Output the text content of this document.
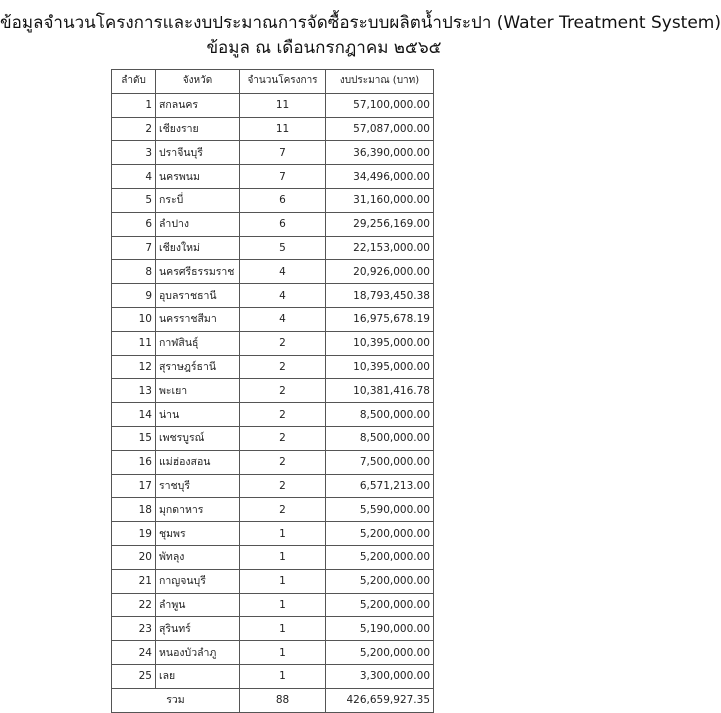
ข้อมูลจำนวนโครงการและงบประมาณการจัดซื้อระบบผลิตน้ำประปา (Water Treatment System)
ข้อมูล ณ เดือนกรกฎาคม ๒๕๖๕
ลำดับ	จังหวัด	จำนวนโครงการ	งบประมาณ (บาท)
1	สกลนคร	11	57,100,000.00
2	เชียงราย	11	57,087,000.00
3	ปราจีนบุรี	7	36,390,000.00
4	นครพนม	7	34,496,000.00
5	กระบี่	6	31,160,000.00
6	ลำปาง	6	29,256,169.00
7	เชียงใหม่	5	22,153,000.00
8	นครศรีธรรมราช	4	20,926,000.00
9	อุบลราชธานี	4	18,793,450.38
10	นครราชสีมา	4	16,975,678.19
11	กาฬสินธุ์	2	10,395,000.00
12	สุราษฎร์ธานี	2	10,395,000.00
13	พะเยา	2	10,381,416.78
14	น่าน	2	8,500,000.00
15	เพชรบูรณ์	2	8,500,000.00
16	แม่ฮ่องสอน	2	7,500,000.00
17	ราชบุรี	2	6,571,213.00
18	มุกดาหาร	2	5,590,000.00
19	ชุมพร	1	5,200,000.00
20	พัทลุง	1	5,200,000.00
21	กาญจนบุรี	1	5,200,000.00
22	ลำพูน	1	5,200,000.00
23	สุรินทร์	1	5,190,000.00
24	หนองบัวลำภู	1	5,200,000.00
25	เลย	1	3,300,000.00
รวม		88	426,659,927.35
